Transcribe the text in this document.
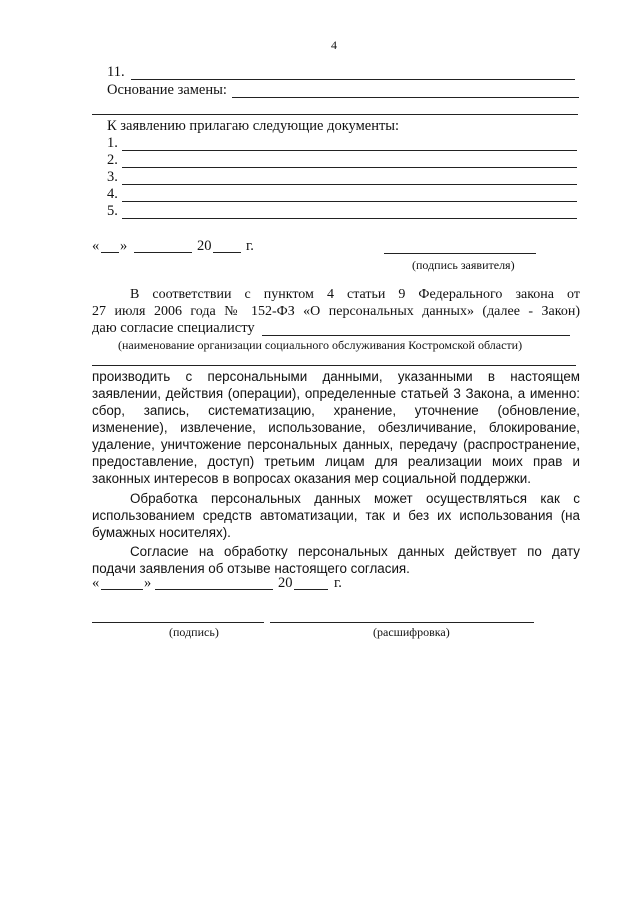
4
11.
Основание замены:
К заявлению прилагаю следующие документы:
1.
2.
3.
4.
5.
« »	20 г.
(подпись заявителя)
В соответствии с пунктом 4 статьи 9 Федерального закона от
27 июля 2006 года № 152-ФЗ «О персональных данных» (далее - Закон)
даю согласие специалисту
(наименование организации социального обслуживания Костромской области)
производить с персональными данными, указанными в настоящем
заявлении, действия (операции), определенные статьей 3 Закона, а именно:
сбор, запись, систематизацию, хранение, уточнение (обновление,
изменение), извлечение, использование, обезличивание, блокирование,
удаление, уничтожение персональных данных, передачу (распространение,
предоставление, доступ) третьим лицам для реализации моих прав и
законных интересов в вопросах оказания мер социальной поддержки.
Обработка персональных данных может осуществляться как с
использованием средств автоматизации, так и без их использования (на
бумажных носителях).
Согласие на обработку персональных данных действует по дату
подачи заявления об отзыве настоящего согласия.
«	»	20	г.
(подпись)	(расшифровка)
